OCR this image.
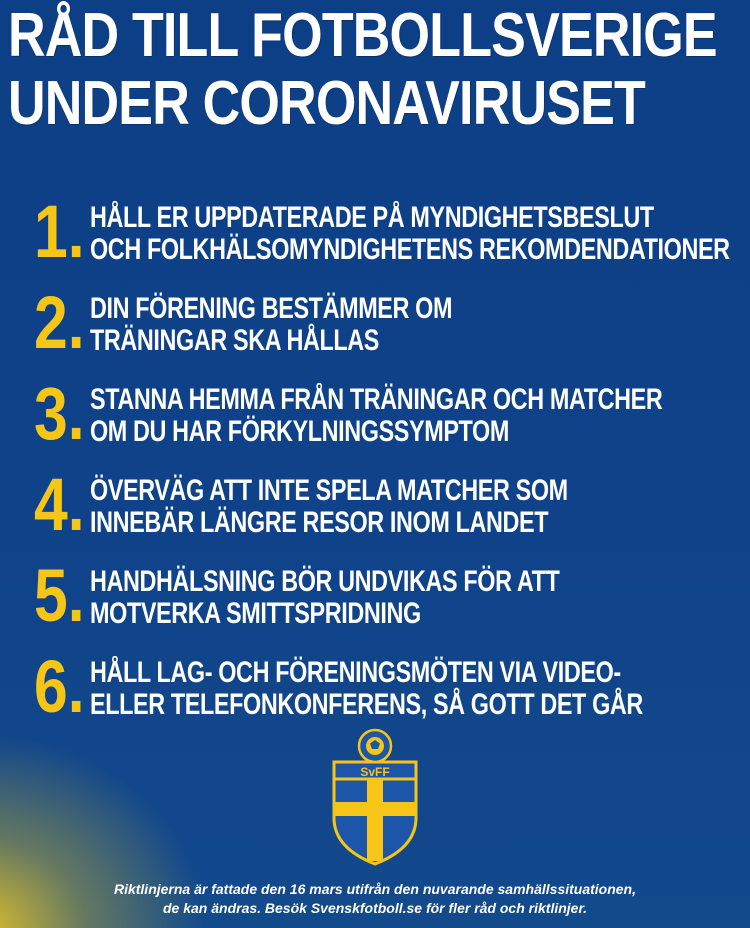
RÅD TILL FOTBOLLSVERIGE
UNDER CORONAVIRUSET
1. HÅLL ER UPPDATERADE PÅ MYNDIGHETSBESLUT
OCH FOLKHÄLSOMYNDIGHETENS REKOMDENDATIONER
2. DIN FÖRENING BESTÄMMER OM
TRÄNINGAR SKA HÅLLAS
3. STANNA HEMMA FRÅN TRÄNINGAR OCH MATCHER
OM DU HAR FÖRKYLNINGSSYMPTOM
4. ÖVERVÄG ATT INTE SPELA MATCHER SOM
INNEBÄR LÄNGRE RESOR INOM LANDET
5. HANDHÄLSNING BÖR UNDVIKAS FÖR ATT
MOTVERKA SMITTSPRIDNING
6. HÅLL LAG- OCH FÖRENINGSMÖTEN VIA VIDEO-
ELLER TELEFONKONFERENS, SÅ GOTT DET GÅR
SvFF
Riktlinjerna är fattade den 16 mars utifrån den nuvarande samhällssituationen,
de kan ändras. Besök Svenskfotboll.se för fler råd och riktlinjer.
